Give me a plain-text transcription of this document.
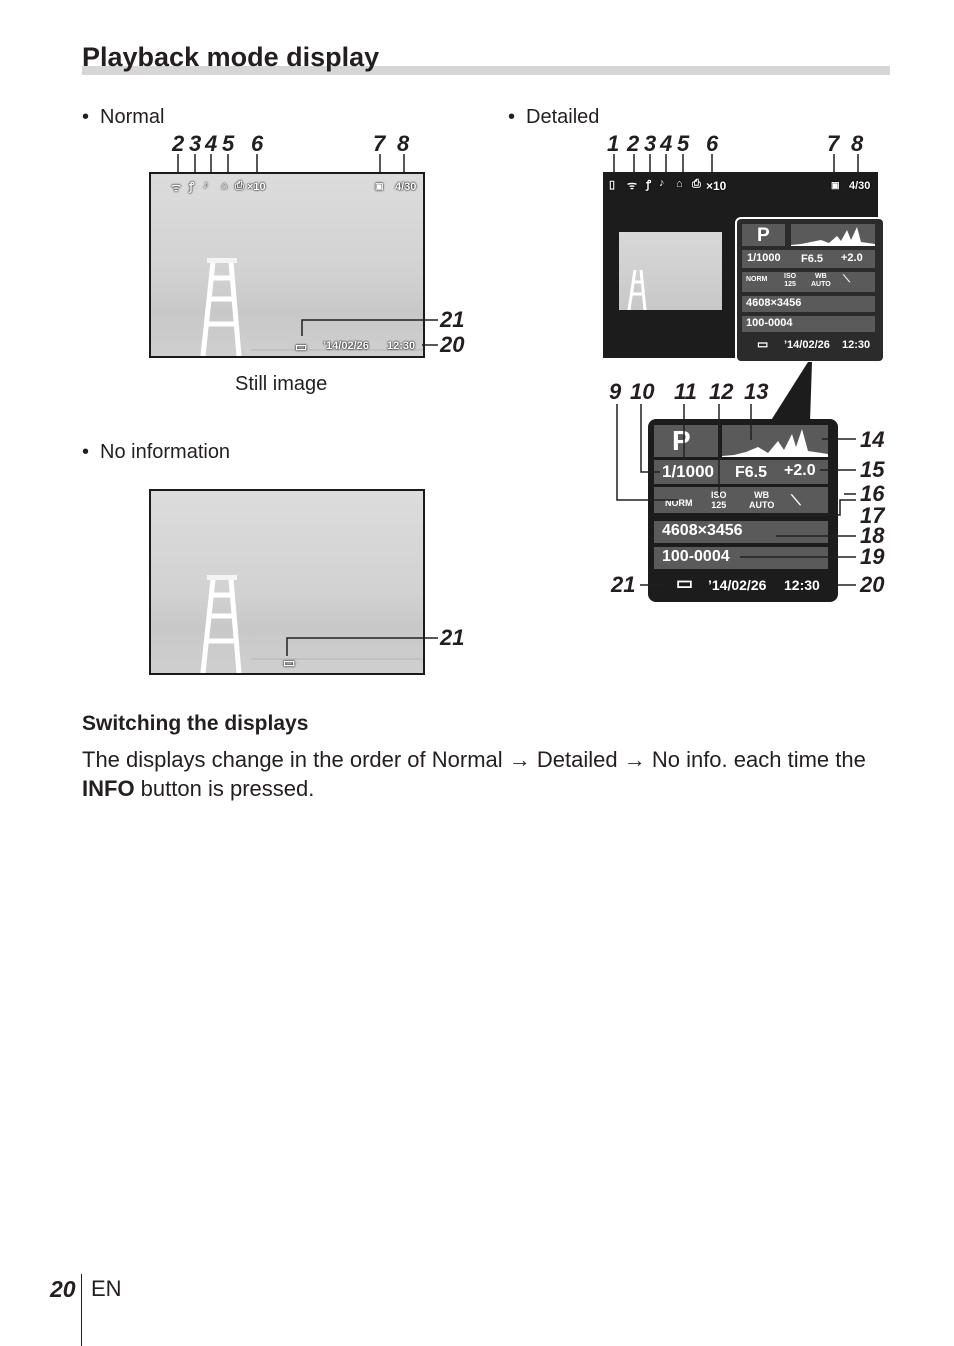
Playback mode display
• Normal	• Detailed
• No information
2 3 4 5 6	7 8
ᯤ ꝭ ♪ ⌂ ⎙ ×10	▣ 4/30
▭ ’14/02/26 12:30
21
20
Still image
▭
21
1 2 3 4 5 6	7 8
▯ ᯤ ꝭ ♪ ⌂ ⎙ ×10	▣ 4/30
P
1/1000 F6.5 +2.0
NORM ISO
125
WB
AUTO ⟍
4608×3456
100-0004
▭ ’14/02/26 12:30
P
1/1000 F6.5 +2.0
NORM
ISO
125
WB
AUTO ⟍
4608×3456
100-0004
▭ ’14/02/26 12:30
9 10 11 12 13
14
15
16
17
18
19
20
21
Switching the displays
The displays change in the order of Normal → Detailed → No info. each time the INFO button is pressed.
20 EN
